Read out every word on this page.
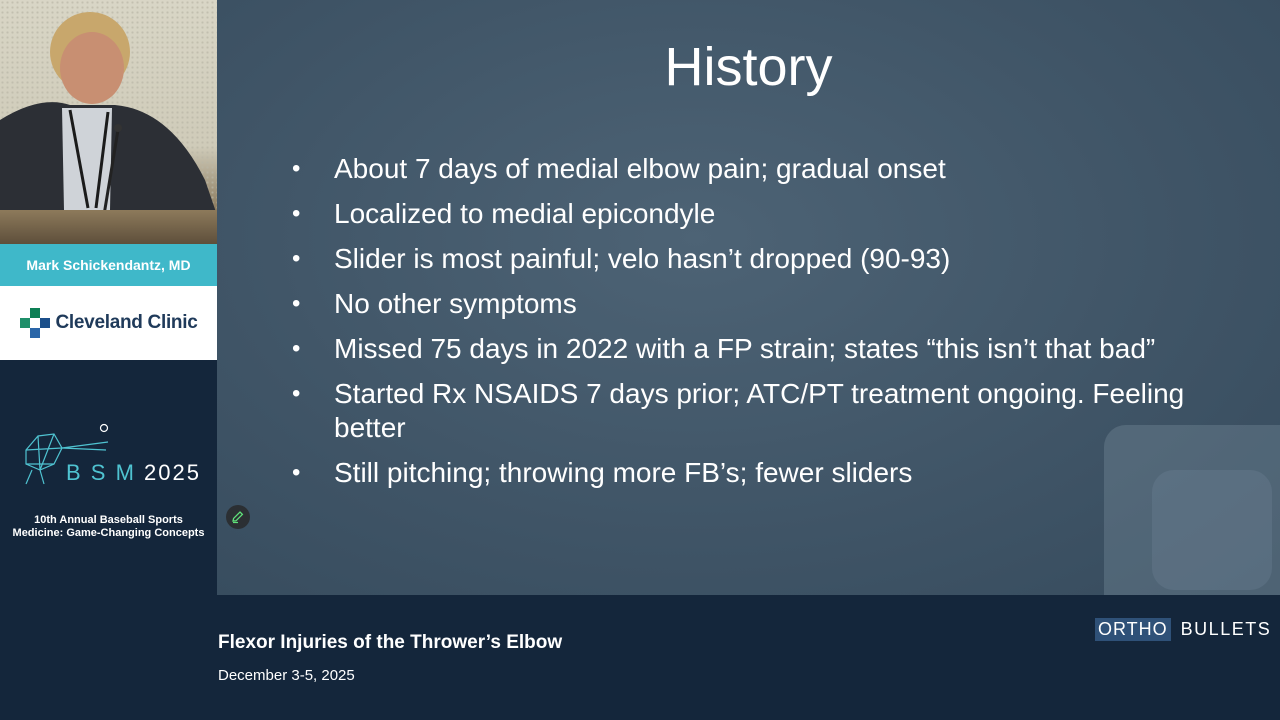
Mark Schickendantz, MD
Cleveland Clinic
B S M 2025
10th Annual Baseball Sports
Medicine: Game-Changing Concepts
History
• About 7 days of medial elbow pain; gradual onset
• Localized to medial epicondyle
• Slider is most painful; velo hasn’t dropped (90-93)
• No other symptoms
• Missed 75 days in 2022 with a FP strain; states “this isn’t that bad”
• Started Rx NSAIDS 7 days prior; ATC/PT treatment ongoing. Feeling better
• Still pitching; throwing more FB’s; fewer sliders
Flexor Injuries of the Thrower’s Elbow
December 3-5, 2025
ORTHO BULLETS
